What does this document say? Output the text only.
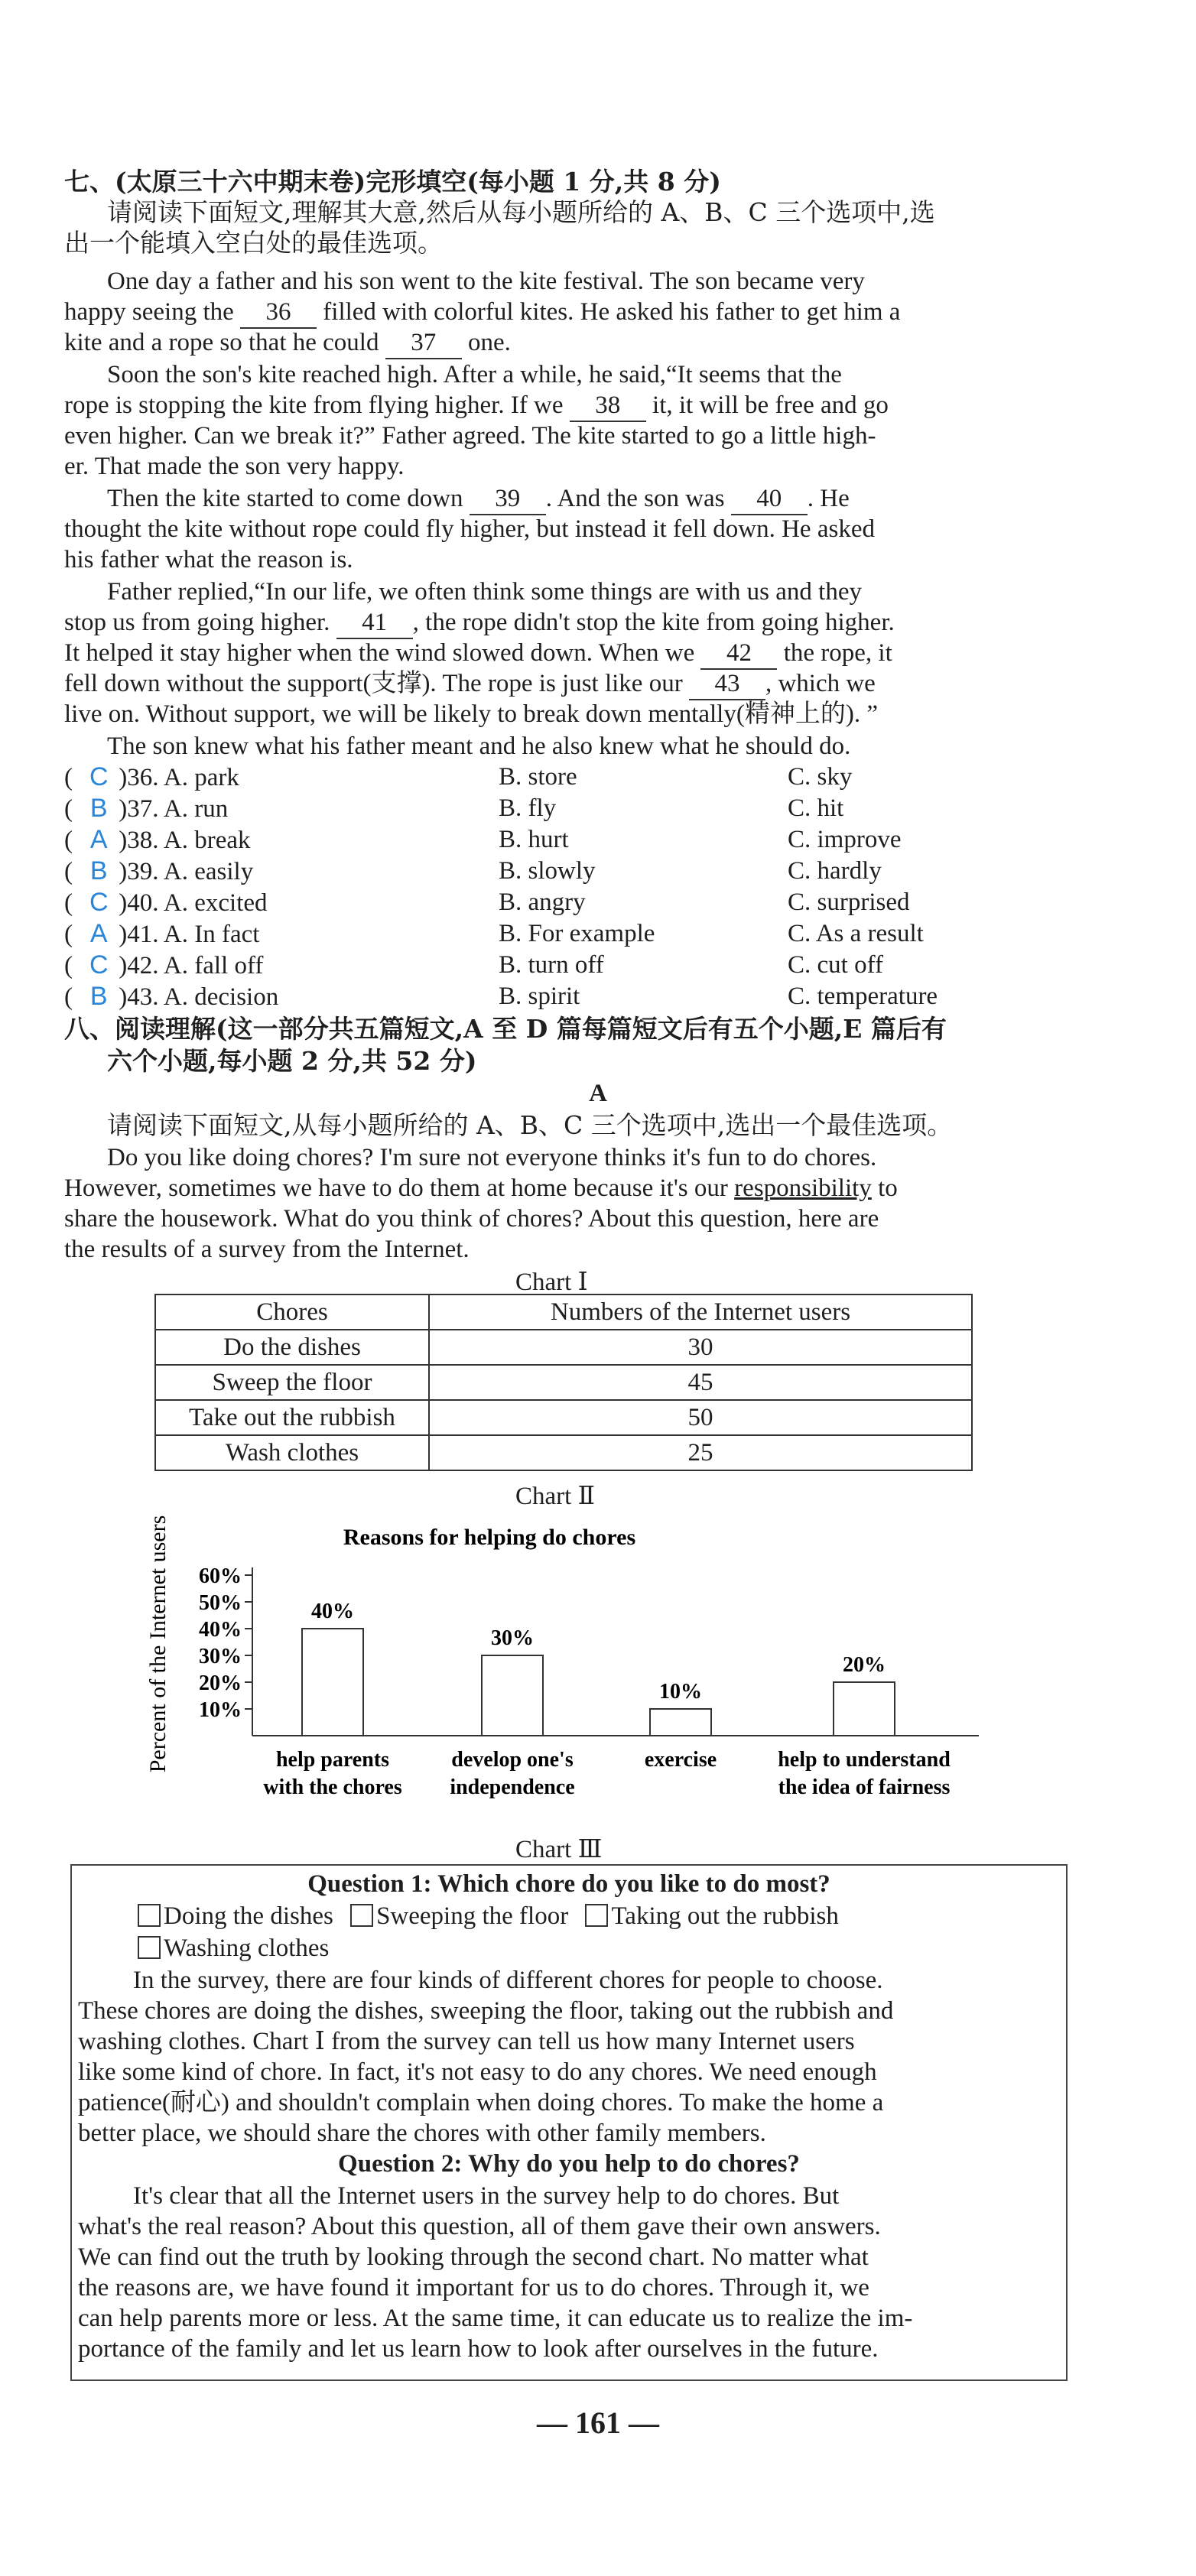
七、(太原三十六中期末卷)完形填空(每小题 1 分,共 8 分)
请阅读下面短文,理解其大意,然后从每小题所给的 A、B、C 三个选项中,选
出一个能填入空白处的最佳选项。
One day a father and his son went to the kite festival. The son became very
happy seeing the 36 filled with colorful kites. He asked his father to get him a
kite and a rope so that he could 37 one.
Soon the son's kite reached high. After a while, he said,“It seems that the
rope is stopping the kite from flying higher. If we 38 it, it will be free and go
even higher. Can we break it?” Father agreed. The kite started to go a little high-
er. That made the son very happy.
Then the kite started to come down 39 . And the son was 40 . He
thought the kite without rope could fly higher, but instead it fell down. He asked
his father what the reason is.
Father replied,“In our life, we often think some things are with us and they
stop us from going higher. 41 , the rope didn't stop the kite from going higher.
It helped it stay higher when the wind slowed down. When we 42 the rope, it
fell down without the support(支撑). The rope is just like our 43 , which we
live on. Without support, we will be likely to break down mentally(精神上的). ”
The son knew what his father meant and he also knew what he should do.
( C )36. A. park	B. store	C. sky
( B )37. A. run	B. fly	C. hit
( A )38. A. break	B. hurt	C. improve
( B )39. A. easily	B. slowly	C. hardly
( C )40. A. excited	B. angry	C. surprised
( A )41. A. In fact	B. For example	C. As a result
( C )42. A. fall off	B. turn off	C. cut off
( B )43. A. decision	B. spirit	C. temperature
八、阅读理解(这一部分共五篇短文,A 至 D 篇每篇短文后有五个小题,E 篇后有
六个小题,每小题 2 分,共 52 分)
A
请阅读下面短文,从每小题所给的 A、B、C 三个选项中,选出一个最佳选项。
Do you like doing chores? I'm sure not everyone thinks it's fun to do chores.
However, sometimes we have to do them at home because it's our responsibility to
share the housework. What do you think of chores? About this question, here are
the results of a survey from the Internet.
Chart Ⅰ
Chores	Numbers of the Internet users
Do the dishes	30
Sweep the floor	45
Take out the rubbish	50
Wash clothes	25
Chart Ⅱ
Reasons for helping do chores
Percent of the Internet users 10%
20%
30%
40%
50%
60%
40%
help parents
with the chores
30%
develop one's
independence
10%
exercise
20%
help to understand
the idea of fairness
Chart Ⅲ
Question 1: Which chore do you like to do most?
Doing the dishes Sweeping the floor Taking out the rubbish
Washing clothes
In the survey, there are four kinds of different chores for people to choose.
These chores are doing the dishes, sweeping the floor, taking out the rubbish and
washing clothes. Chart Ⅰ from the survey can tell us how many Internet users
like some kind of chore. In fact, it's not easy to do any chores. We need enough
patience(耐心) and shouldn't complain when doing chores. To make the home a
better place, we should share the chores with other family members.
Question 2: Why do you help to do chores?
It's clear that all the Internet users in the survey help to do chores. But
what's the real reason? About this question, all of them gave their own answers.
We can find out the truth by looking through the second chart. No matter what
the reasons are, we have found it important for us to do chores. Through it, we
can help parents more or less. At the same time, it can educate us to realize the im-
portance of the family and let us learn how to look after ourselves in the future.
— 161 —
